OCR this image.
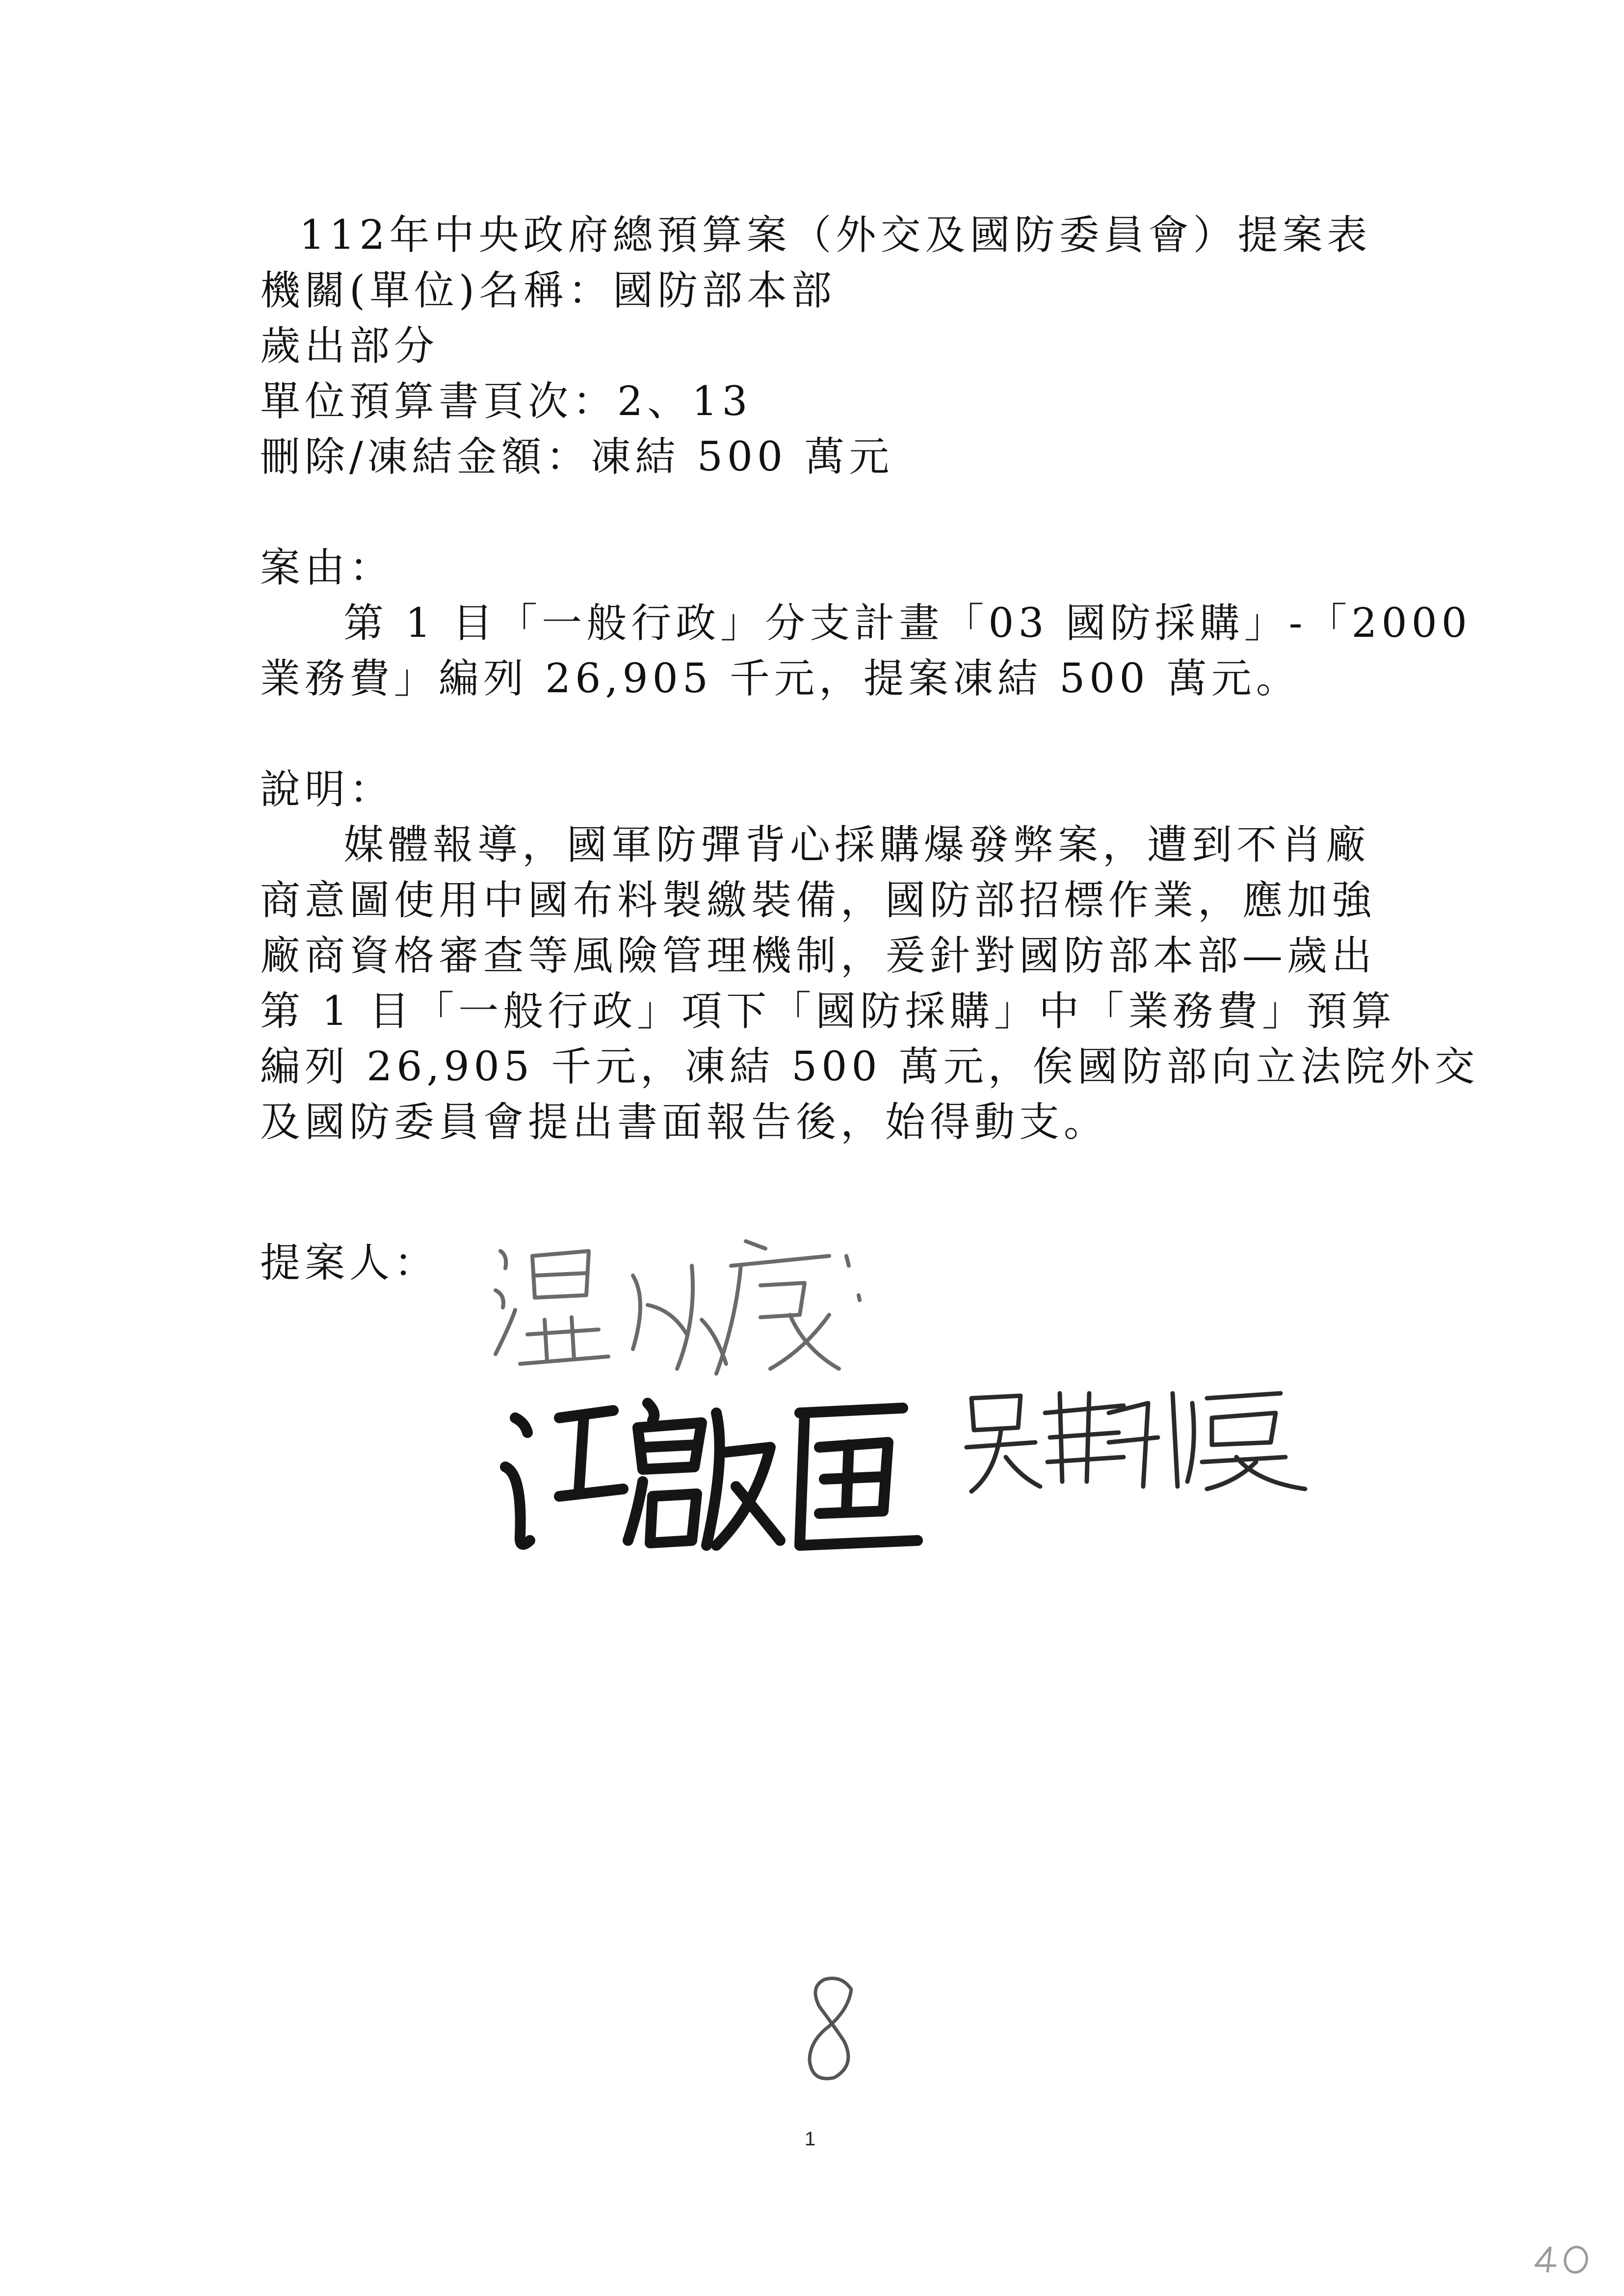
112年中央政府總預算案（外交及國防委員會）提案表

機關(單位)名稱：國防部本部

歲出部分

單位預算書頁次：2、13

刪除/凍結金額：凍結 500 萬元

案由：

第 1 目「一般行政」分支計畫「03 國防採購」-「2000

業務費」編列 26,905 千元，提案凍結 500 萬元。

說明：

媒體報導，國軍防彈背心採購爆發弊案，遭到不肖廠

商意圖使用中國布料製繳裝備，國防部招標作業，應加強

廠商資格審查等風險管理機制，爰針對國防部本部—歲出

第 1 目「一般行政」項下「國防採購」中「業務費」預算

編列 26,905 千元，凍結 500 萬元，俟國防部向立法院外交

及國防委員會提出書面報告後，始得動支。

提案人：

1
